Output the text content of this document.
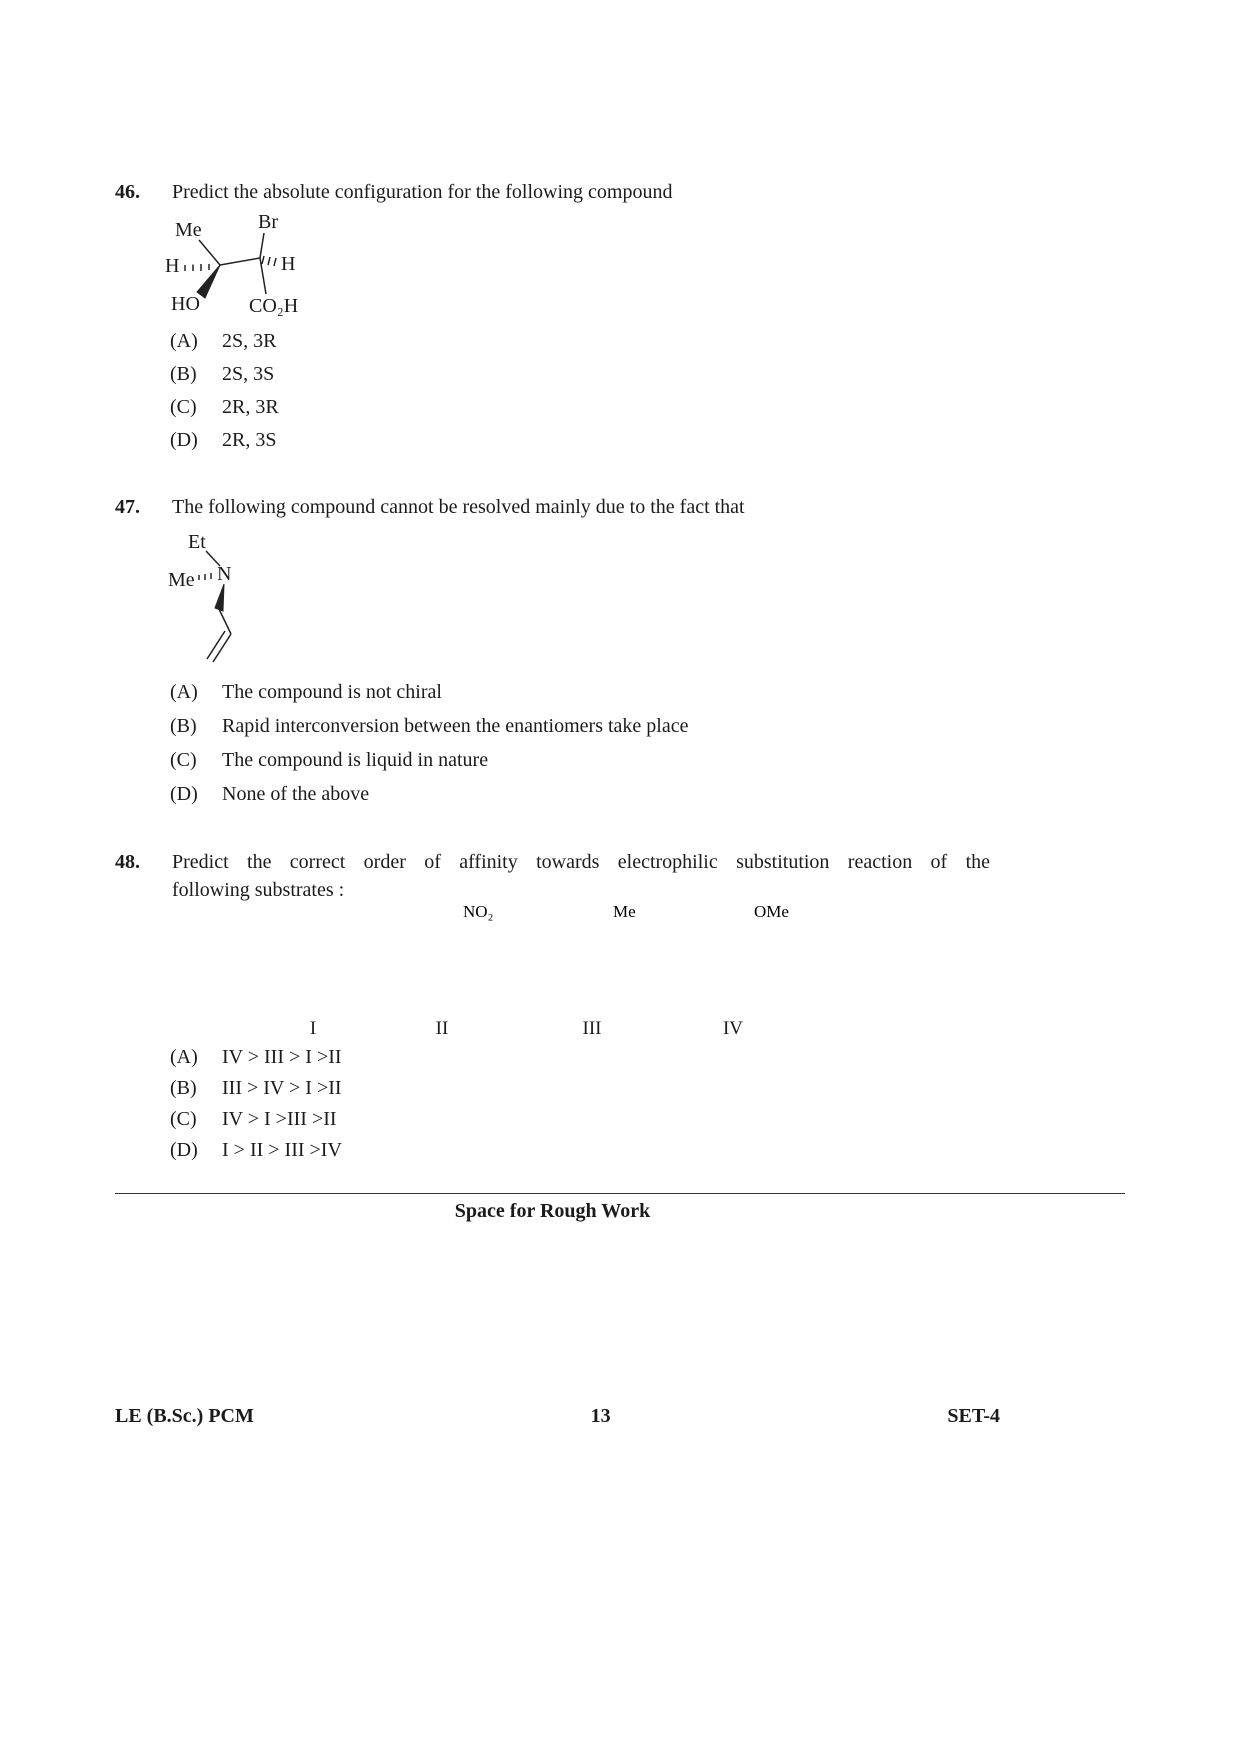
46.	Predict the absolute configuration for the following compound
Me	Br
H	H
HO CO₂H
(A)	2S, 3R
(B)	2S, 3S
(C)	2R, 3R
(D)	2R, 3S
47.	The following compound cannot be resolved mainly due to the fact that
Et
Me N
(A)	The compound is not chiral
(B)	Rapid interconversion between the enantiomers take place
(C)	The compound is liquid in nature
(D)	None of the above
48.	Predict the correct order of affinity towards electrophilic substitution reaction of the
following substrates :
I
NO₂
II
Me
III
OMe
IV
(A)	IV > III > I >II
(B)	III > IV > I >II
(C)	IV > I >III >II
(D)	I > II > III >IV
Space for Rough Work
LE (B.Sc.) PCM	13	SET-4
